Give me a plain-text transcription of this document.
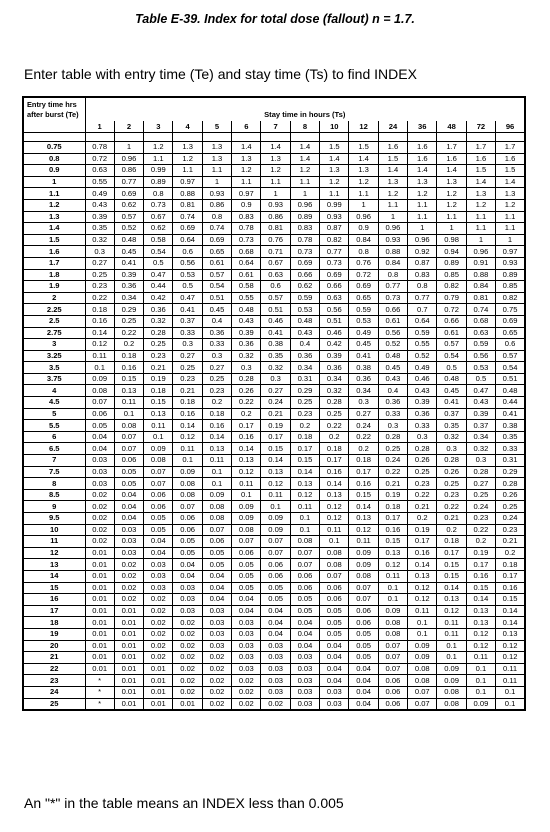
Table E-39. Index for total dose (fallout) n = 1.7.
Enter table with entry time (Te) and stay time (Ts) to find INDEX
Entry time hrs after burst (Te)	Stay time in hours (Ts)														
	1	2	3	4	5	6	7	8	10	12	24	36	48	72	96

0.75	0.78	1	1.2	1.3	1.3	1.4	1.4	1.4	1.5	1.5	1.6	1.6	1.7	1.7	1.7
0.8	0.72	0.96	1.1	1.2	1.3	1.3	1.3	1.4	1.4	1.4	1.5	1.6	1.6	1.6	1.6
0.9	0.63	0.86	0.99	1.1	1.1	1.2	1.2	1.2	1.3	1.3	1.4	1.4	1.4	1.5	1.5
1	0.55	0.77	0.89	0.97	1	1.1	1.1	1.1	1.2	1.2	1.3	1.3	1.3	1.4	1.4
1.1	0.49	0.69	0.8	0.88	0.93	0.97	1	1	1.1	1.1	1.2	1.2	1.2	1.3	1.3
1.2	0.43	0.62	0.73	0.81	0.86	0.9	0.93	0.96	0.99	1	1.1	1.1	1.2	1.2	1.2
1.3	0.39	0.57	0.67	0.74	0.8	0.83	0.86	0.89	0.93	0.96	1	1.1	1.1	1.1	1.1
1.4	0.35	0.52	0.62	0.69	0.74	0.78	0.81	0.83	0.87	0.9	0.96	1	1	1.1	1.1
1.5	0.32	0.48	0.58	0.64	0.69	0.73	0.76	0.78	0.82	0.84	0.93	0.96	0.98	1	1
1.6	0.3	0.45	0.54	0.6	0.65	0.68	0.71	0.73	0.77	0.8	0.88	0.92	0.94	0.96	0.97
1.7	0.27	0.41	0.5	0.56	0.61	0.64	0.67	0.69	0.73	0.76	0.84	0.87	0.89	0.91	0.93
1.8	0.25	0.39	0.47	0.53	0.57	0.61	0.63	0.66	0.69	0.72	0.8	0.83	0.85	0.88	0.89
1.9	0.23	0.36	0.44	0.5	0.54	0.58	0.6	0.62	0.66	0.69	0.77	0.8	0.82	0.84	0.85
2	0.22	0.34	0.42	0.47	0.51	0.55	0.57	0.59	0.63	0.65	0.73	0.77	0.79	0.81	0.82
2.25	0.18	0.29	0.36	0.41	0.45	0.48	0.51	0.53	0.56	0.59	0.66	0.7	0.72	0.74	0.75
2.5	0.16	0.25	0.32	0.37	0.4	0.43	0.46	0.48	0.51	0.53	0.61	0.64	0.66	0.68	0.69
2.75	0.14	0.22	0.28	0.33	0.36	0.39	0.41	0.43	0.46	0.49	0.56	0.59	0.61	0.63	0.65
3	0.12	0.2	0.25	0.3	0.33	0.36	0.38	0.4	0.42	0.45	0.52	0.55	0.57	0.59	0.6
3.25	0.11	0.18	0.23	0.27	0.3	0.32	0.35	0.36	0.39	0.41	0.48	0.52	0.54	0.56	0.57
3.5	0.1	0.16	0.21	0.25	0.27	0.3	0.32	0.34	0.36	0.38	0.45	0.49	0.5	0.53	0.54
3.75	0.09	0.15	0.19	0.23	0.25	0.28	0.3	0.31	0.34	0.36	0.43	0.46	0.48	0.5	0.51
4	0.08	0.13	0.18	0.21	0.23	0.26	0.27	0.29	0.32	0.34	0.4	0.43	0.45	0.47	0.48
4.5	0.07	0.11	0.15	0.18	0.2	0.22	0.24	0.25	0.28	0.3	0.36	0.39	0.41	0.43	0.44
5	0.06	0.1	0.13	0.16	0.18	0.2	0.21	0.23	0.25	0.27	0.33	0.36	0.37	0.39	0.41
5.5	0.05	0.08	0.11	0.14	0.16	0.17	0.19	0.2	0.22	0.24	0.3	0.33	0.35	0.37	0.38
6	0.04	0.07	0.1	0.12	0.14	0.16	0.17	0.18	0.2	0.22	0.28	0.3	0.32	0.34	0.35
6.5	0.04	0.07	0.09	0.11	0.13	0.14	0.15	0.17	0.18	0.2	0.25	0.28	0.3	0.32	0.33
7	0.03	0.06	0.08	0.1	0.11	0.13	0.14	0.15	0.17	0.18	0.24	0.26	0.28	0.3	0.31
7.5	0.03	0.05	0.07	0.09	0.1	0.12	0.13	0.14	0.16	0.17	0.22	0.25	0.26	0.28	0.29
8	0.03	0.05	0.07	0.08	0.1	0.11	0.12	0.13	0.14	0.16	0.21	0.23	0.25	0.27	0.28
8.5	0.02	0.04	0.06	0.08	0.09	0.1	0.11	0.12	0.13	0.15	0.19	0.22	0.23	0.25	0.26
9	0.02	0.04	0.06	0.07	0.08	0.09	0.1	0.11	0.12	0.14	0.18	0.21	0.22	0.24	0.25
9.5	0.02	0.04	0.05	0.06	0.08	0.09	0.09	0.1	0.12	0.13	0.17	0.2	0.21	0.23	0.24
10	0.02	0.03	0.05	0.06	0.07	0.08	0.09	0.1	0.11	0.12	0.16	0.19	0.2	0.22	0.23
11	0.02	0.03	0.04	0.05	0.06	0.07	0.07	0.08	0.1	0.11	0.15	0.17	0.18	0.2	0.21
12	0.01	0.03	0.04	0.05	0.05	0.06	0.07	0.07	0.08	0.09	0.13	0.16	0.17	0.19	0.2
13	0.01	0.02	0.03	0.04	0.05	0.05	0.06	0.07	0.08	0.09	0.12	0.14	0.15	0.17	0.18
14	0.01	0.02	0.03	0.04	0.04	0.05	0.06	0.06	0.07	0.08	0.11	0.13	0.15	0.16	0.17
15	0.01	0.02	0.03	0.03	0.04	0.05	0.05	0.06	0.06	0.07	0.1	0.12	0.14	0.15	0.16
16	0.01	0.02	0.02	0.03	0.04	0.04	0.05	0.05	0.06	0.07	0.1	0.12	0.13	0.14	0.15
17	0.01	0.01	0.02	0.03	0.03	0.04	0.04	0.05	0.05	0.06	0.09	0.11	0.12	0.13	0.14
18	0.01	0.01	0.02	0.02	0.03	0.03	0.04	0.04	0.05	0.06	0.08	0.1	0.11	0.13	0.14
19	0.01	0.01	0.02	0.02	0.03	0.03	0.04	0.04	0.05	0.05	0.08	0.1	0.11	0.12	0.13
20	0.01	0.01	0.02	0.02	0.03	0.03	0.03	0.04	0.04	0.05	0.07	0.09	0.1	0.12	0.12
21	0.01	0.01	0.02	0.02	0.02	0.03	0.03	0.03	0.04	0.05	0.07	0.09	0.1	0.11	0.12
22	0.01	0.01	0.01	0.02	0.02	0.03	0.03	0.03	0.04	0.04	0.07	0.08	0.09	0.1	0.11
23	*	0.01	0.01	0.02	0.02	0.02	0.03	0.03	0.04	0.04	0.06	0.08	0.09	0.1	0.11
24	*	0.01	0.01	0.02	0.02	0.02	0.03	0.03	0.03	0.04	0.06	0.07	0.08	0.1	0.1
25	*	0.01	0.01	0.01	0.02	0.02	0.02	0.03	0.03	0.04	0.06	0.07	0.08	0.09	0.1
An "*" in the table means an INDEX less than 0.005
